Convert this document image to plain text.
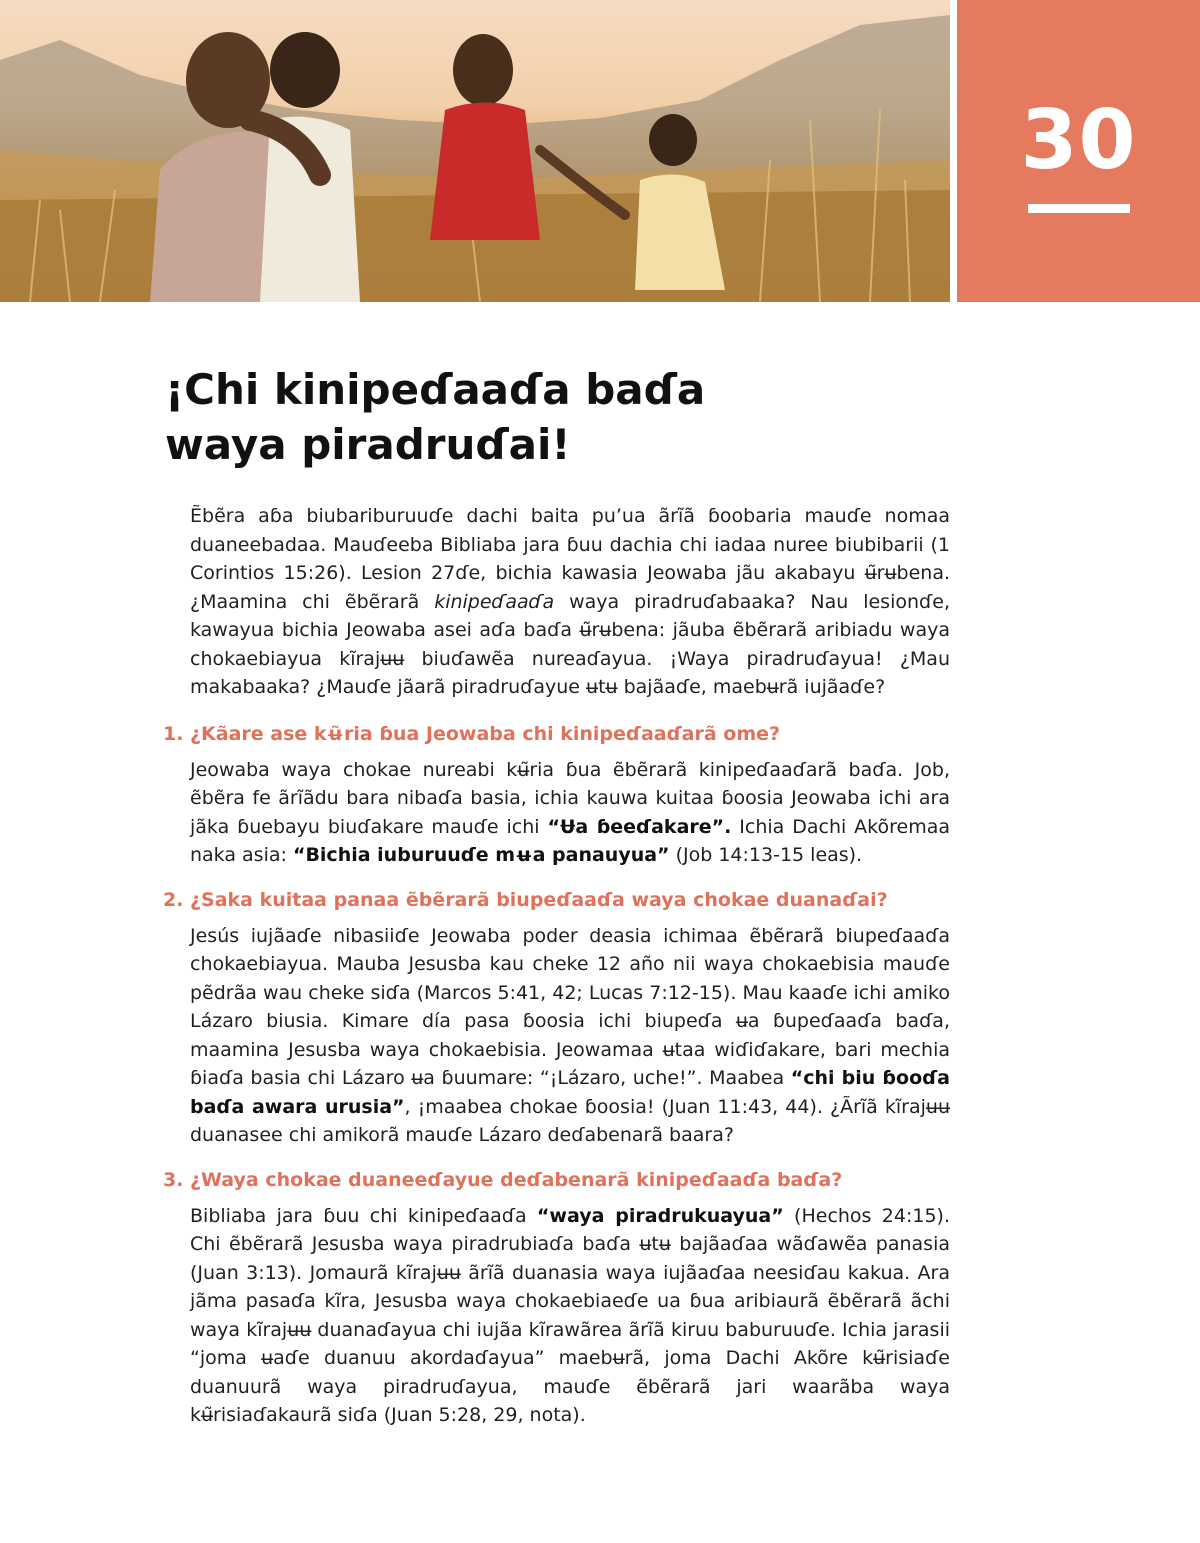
30
¡Chi kinipeɗaaɗa baɗa
waya piradruɗai!

Ẽbẽra aɓa biubariburuuɗe dachi baita pu’ua ãrĩã ɓoobaria mauɗe nomaa duaneebadaa. Mauɗeeba Bibliaba jara ɓuu dachia chi iadaa nuree biubibarii (1 Corintios 15:26). Lesion 27ɗe, bichia kawasia Jeowaba jãu akabayu ʉ̃rʉbena. ¿Maamina chi ẽbẽrarã kinipeɗaaɗa waya piradruɗabaaka? Nau lesionɗe, kawayua bichia Jeowaba asei aɗa baɗa ʉ̃rʉbena: jãuba ẽbẽrarã aribiadu waya chokaebiayua kĩrajʉʉ biuɗawẽa nureaɗayua. ¡Waya piradruɗayua! ¿Mau makabaaka? ¿Mauɗe jãarã piradruɗayue ʉtʉ bajãaɗe, maebʉrã iujãaɗe?

1. ¿Kãare ase kʉ̃ria ɓua Jeowaba chi kinipeɗaaɗarã ome?

Jeowaba waya chokae nureabi kʉ̃ria ɓua ẽbẽrarã kinipeɗaaɗarã baɗa. Job, ẽbẽra fe ãrĩãdu bara nibaɗa basia, ichia kauwa kuitaa ɓoosia Jeowaba ichi ara jãka ɓuebayu biuɗakare mauɗe ichi “Ʉa ɓeeɗakare”. Ichia Dachi Akõremaa naka asia: “Bichia iuburuuɗe mʉa panauyua” (Job 14:13-15 leas).

2. ¿Saka kuitaa panaa ẽbẽrarã biupeɗaaɗa waya chokae duanaɗai?

Jesús iujãaɗe nibasiiɗe Jeowaba poder deasia ichimaa ẽbẽrarã biupeɗaaɗa chokaebiayua. Mauba Jesusba kau cheke 12 año nii waya chokaebisia mauɗe pẽdrãa wau cheke siɗa (Marcos 5:41, 42; Lucas 7:12-15). Mau kaaɗe ichi amiko Lázaro biusia. Kimare día pasa ɓoosia ichi biupeɗa ʉa ɓupeɗaaɗa baɗa, maamina Jesusba waya chokaebisia. Jeowamaa ʉtaa wiɗiɗakare, bari mechia ɓiaɗa basia chi Lázaro ʉa ɓuumare: “¡Lázaro, uche!”. Maabea “chi biu ɓooɗa baɗa awara urusia”, ¡maabea chokae ɓoosia! (Juan 11:43, 44). ¿Ãrĩã kĩrajʉʉ duanasee chi amikorã mauɗe Lázaro deɗabenarã baara?

3. ¿Waya chokae duaneeɗayue deɗabenarã kinipeɗaaɗa baɗa?

Bibliaba jara ɓuu chi kinipeɗaaɗa “waya piradrukuayua” (Hechos 24:15). Chi ẽbẽrarã Jesusba waya piradrubiaɗa baɗa ʉtʉ bajãaɗaa wãɗawẽa panasia (Juan 3:13). Jomaurã kĩrajʉʉ ãrĩã duanasia waya iujãaɗaa neesiɗau kakua. Ara jãma pasaɗa kĩra, Jesusba waya chokaebiaeɗe ua ɓua aribiaurã ẽbẽrarã ãchi waya kĩrajʉʉ duanaɗayua chi iujãa kĩrawãrea ãrĩã kiruu baburuuɗe. Ichia jarasii “joma ʉaɗe duanuu akordaɗayua” maebʉrã, joma Dachi Akõre kʉ̃risiaɗe duanuurã waya piradruɗayua, mauɗe ẽbẽrarã jari waarãba waya kʉ̃risiaɗakaurã siɗa (Juan 5:28, 29, nota).
